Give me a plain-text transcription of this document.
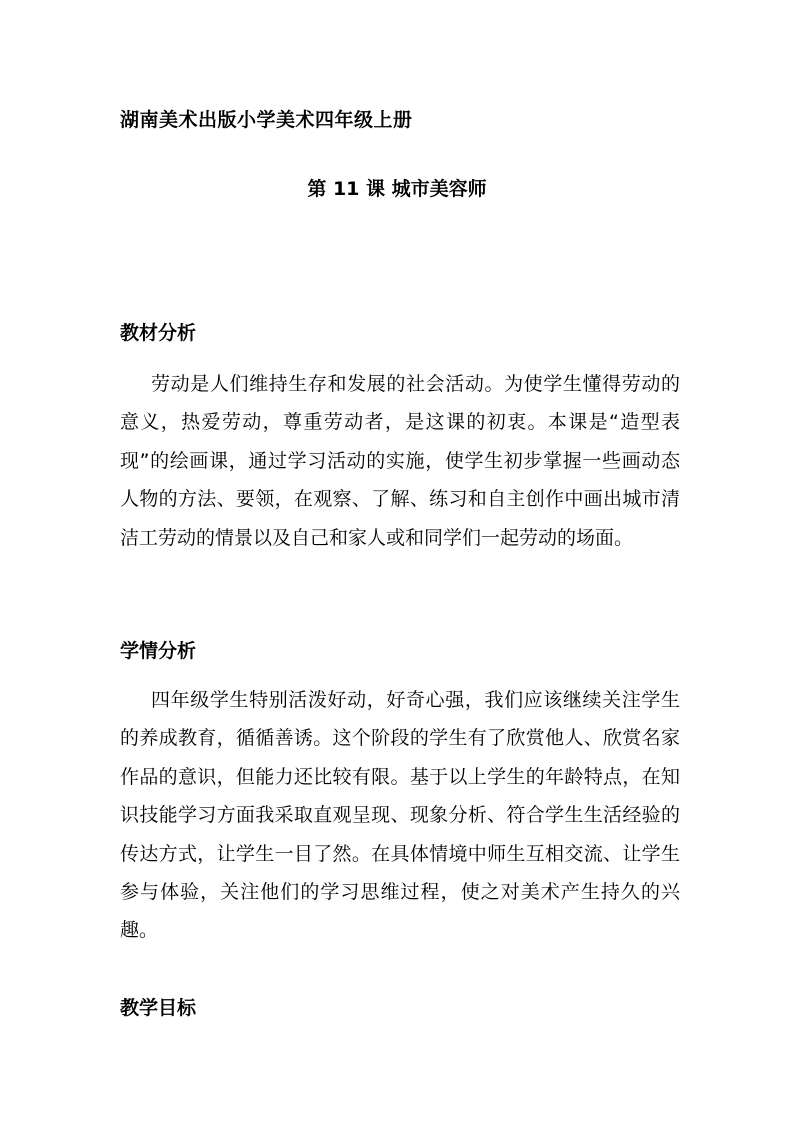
湖南美术出版小学美术四年级上册
第 11 课 城市美容师
教材分析

劳动是人们维持生存和发展的社会活动。为使学生懂得劳动的意义，热爱劳动，尊重劳动者，是这课的初衷。本课是“造型表现”的绘画课，通过学习活动的实施，使学生初步掌握一些画动态人物的方法、要领，在观察、了解、练习和自主创作中画出城市清洁工劳动的情景以及自己和家人或和同学们一起劳动的场面。

学情分析

四年级学生特别活泼好动，好奇心强，我们应该继续关注学生的养成教育，循循善诱。这个阶段的学生有了欣赏他人、欣赏名家作品的意识，但能力还比较有限。基于以上学生的年龄特点，在知识技能学习方面我采取直观呈现、现象分析、符合学生生活经验的传达方式，让学生一目了然。在具体情境中师生互相交流、让学生参与体验，关注他们的学习思维过程，使之对美术产生持久的兴趣。

教学目标
